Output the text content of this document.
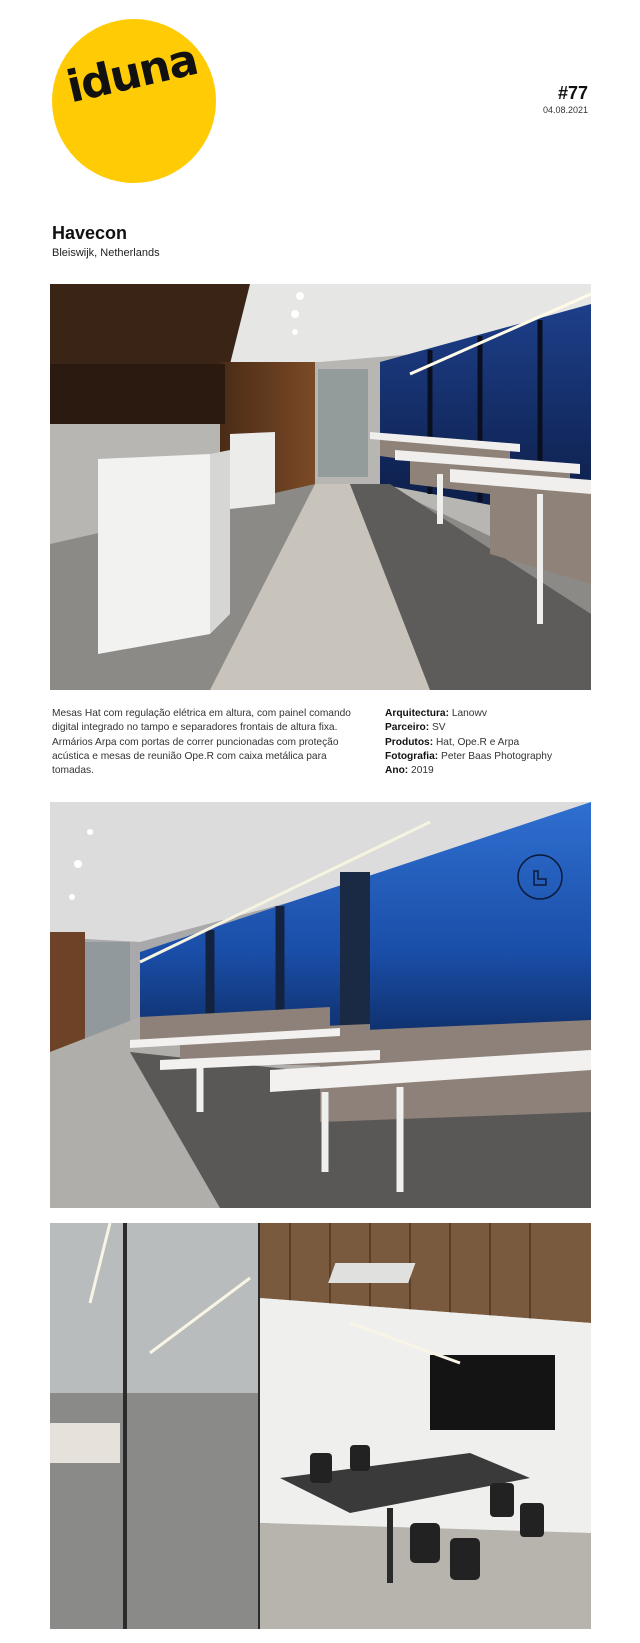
iduna	#77
04.08.2021
Havecon
Bleiswijk, Netherlands
Mesas Hat com regulação elétrica em altura, com painel comando digital integrado no tampo e separadores frontais de altura fixa. Armários Arpa com portas de correr puncionadas com proteção acústica e mesas de reunião Ope.R com caixa metálica para tomadas.
Arquitectura: Lanowv
Parceiro: SV
Produtos: Hat, Ope.R e Arpa
Fotografia: Peter Baas Photography
Ano: 2019
